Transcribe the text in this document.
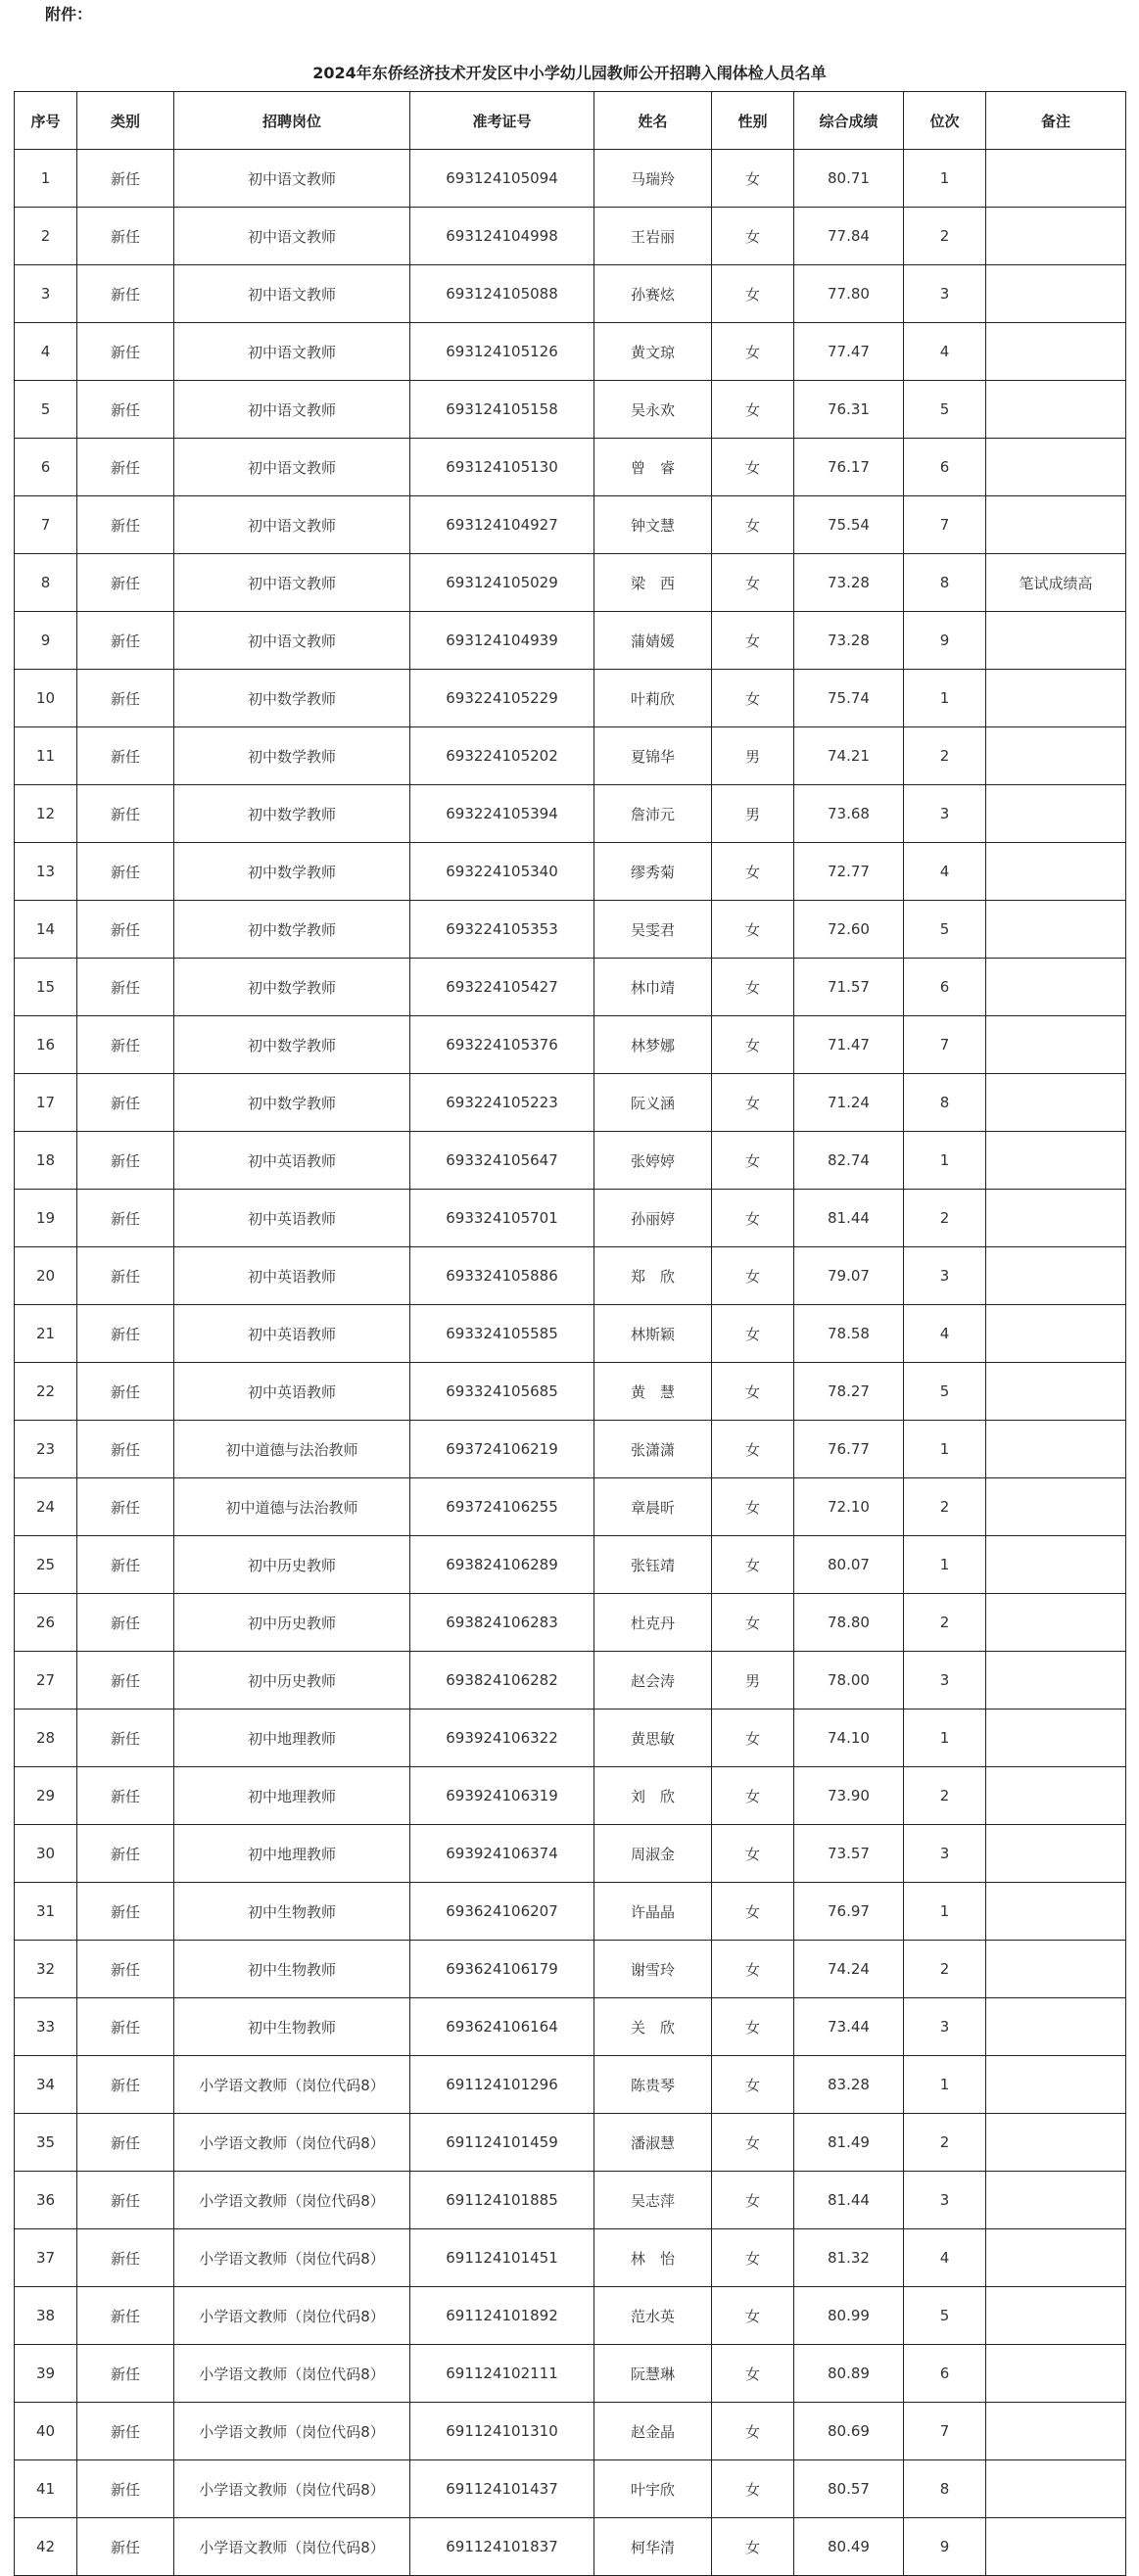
附件：
2024年东侨经济技术开发区中小学幼儿园教师公开招聘入闱体检人员名单
序号	类别	招聘岗位	准考证号	姓名	性别	综合成绩	位次	备注
1	新任	初中语文教师	693124105094	马瑞羚	女	80.71	1	
2	新任	初中语文教师	693124104998	王岩丽	女	77.84	2	
3	新任	初中语文教师	693124105088	孙赛炫	女	77.80	3	
4	新任	初中语文教师	693124105126	黄文琼	女	77.47	4	
5	新任	初中语文教师	693124105158	吴永欢	女	76.31	5	
6	新任	初中语文教师	693124105130	曾　睿	女	76.17	6	
7	新任	初中语文教师	693124104927	钟文慧	女	75.54	7	
8	新任	初中语文教师	693124105029	梁　西	女	73.28	8	笔试成绩高
9	新任	初中语文教师	693124104939	蒲婧媛	女	73.28	9	
10	新任	初中数学教师	693224105229	叶莉欣	女	75.74	1	
11	新任	初中数学教师	693224105202	夏锦华	男	74.21	2	
12	新任	初中数学教师	693224105394	詹沛元	男	73.68	3	
13	新任	初中数学教师	693224105340	缪秀菊	女	72.77	4	
14	新任	初中数学教师	693224105353	吴雯君	女	72.60	5	
15	新任	初中数学教师	693224105427	林巾靖	女	71.57	6	
16	新任	初中数学教师	693224105376	林梦娜	女	71.47	7	
17	新任	初中数学教师	693224105223	阮义涵	女	71.24	8	
18	新任	初中英语教师	693324105647	张婷婷	女	82.74	1	
19	新任	初中英语教师	693324105701	孙丽婷	女	81.44	2	
20	新任	初中英语教师	693324105886	郑　欣	女	79.07	3	
21	新任	初中英语教师	693324105585	林斯颖	女	78.58	4	
22	新任	初中英语教师	693324105685	黄　慧	女	78.27	5	
23	新任	初中道德与法治教师	693724106219	张潇潇	女	76.77	1	
24	新任	初中道德与法治教师	693724106255	章晨昕	女	72.10	2	
25	新任	初中历史教师	693824106289	张钰靖	女	80.07	1	
26	新任	初中历史教师	693824106283	杜克丹	女	78.80	2	
27	新任	初中历史教师	693824106282	赵会涛	男	78.00	3	
28	新任	初中地理教师	693924106322	黄思敏	女	74.10	1	
29	新任	初中地理教师	693924106319	刘　欣	女	73.90	2	
30	新任	初中地理教师	693924106374	周淑金	女	73.57	3	
31	新任	初中生物教师	693624106207	许晶晶	女	76.97	1	
32	新任	初中生物教师	693624106179	谢雪玲	女	74.24	2	
33	新任	初中生物教师	693624106164	关　欣	女	73.44	3	
34	新任	小学语文教师（岗位代码8）	691124101296	陈贵琴	女	83.28	1	
35	新任	小学语文教师（岗位代码8）	691124101459	潘淑慧	女	81.49	2	
36	新任	小学语文教师（岗位代码8）	691124101885	吴志萍	女	81.44	3	
37	新任	小学语文教师（岗位代码8）	691124101451	林　怡	女	81.32	4	
38	新任	小学语文教师（岗位代码8）	691124101892	范水英	女	80.99	5	
39	新任	小学语文教师（岗位代码8）	691124102111	阮慧琳	女	80.89	6	
40	新任	小学语文教师（岗位代码8）	691124101310	赵金晶	女	80.69	7	
41	新任	小学语文教师（岗位代码8）	691124101437	叶宇欣	女	80.57	8	
42	新任	小学语文教师（岗位代码8）	691124101837	柯华清	女	80.49	9	
